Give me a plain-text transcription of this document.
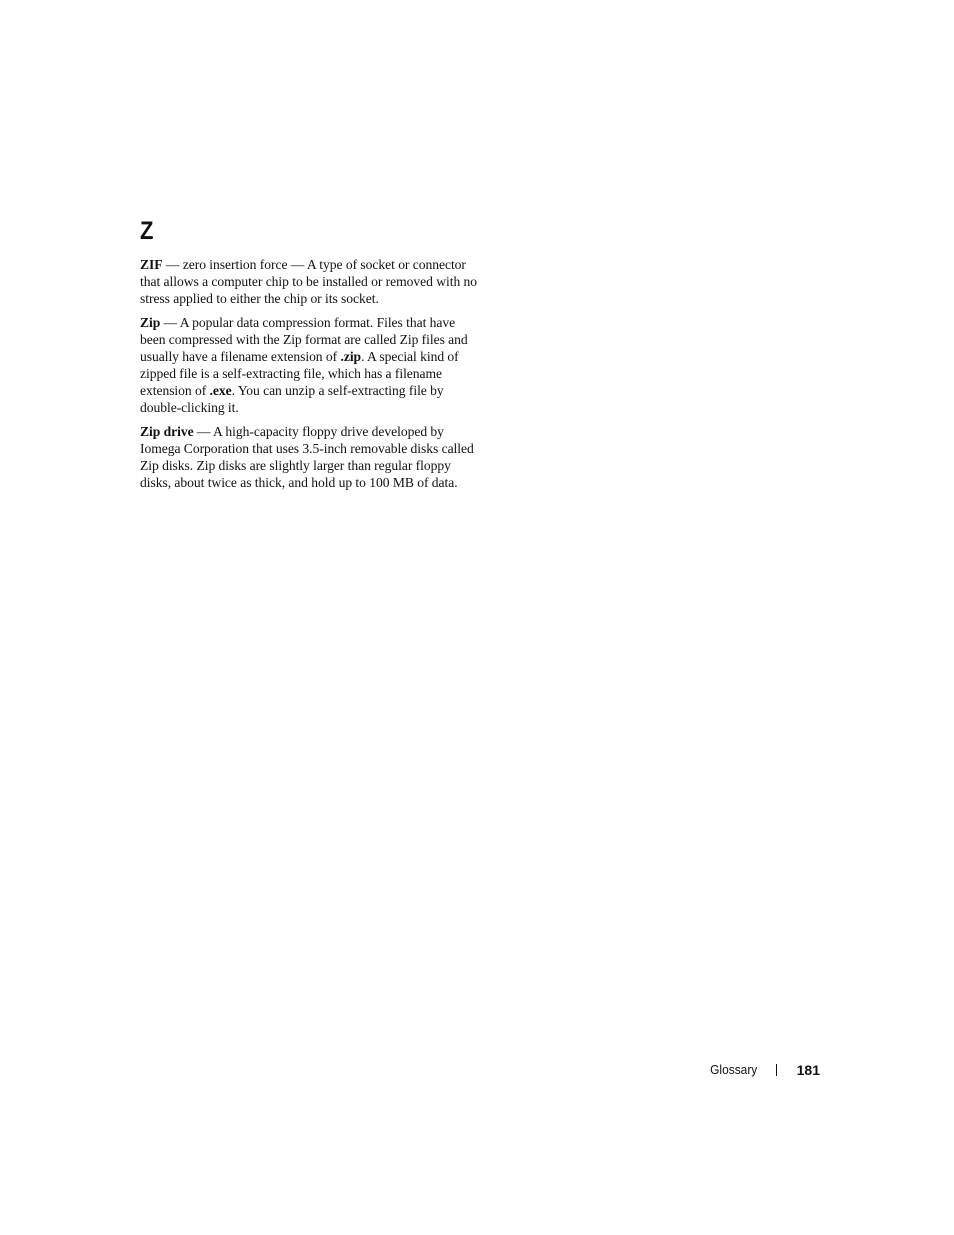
Z

ZIF — zero insertion force — A type of socket or connector that allows a computer chip to be installed or removed with no stress applied to either the chip or its socket.

Zip — A popular data compression format. Files that have been compressed with the Zip format are called Zip files and usually have a filename extension of .zip. A special kind of zipped file is a self-extracting file, which has a filename extension of .exe. You can unzip a self-extracting file by double-clicking it.

Zip drive — A high-capacity floppy drive developed by Iomega Corporation that uses 3.5-inch removable disks called Zip disks. Zip disks are slightly larger than regular floppy disks, about twice as thick, and hold up to 100 MB of data.

Glossary	181
